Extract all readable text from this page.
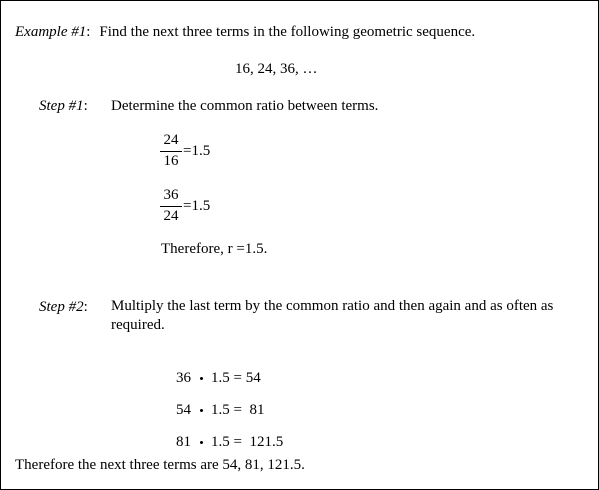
Example #1: Find the next three terms in the following geometric sequence.
16, 24, 36, …
Step #1: Determine the common ratio between terms.
24
16
=1.5
36
24
=1.5
Therefore, r =1.5.
Step #2: Multiply the last term by the common ratio and then again and as often as required.

36 1.5 = 54

54 1.5 =  81

81 1.5 =  121.5

Therefore the next three terms are 54, 81, 121.5.
